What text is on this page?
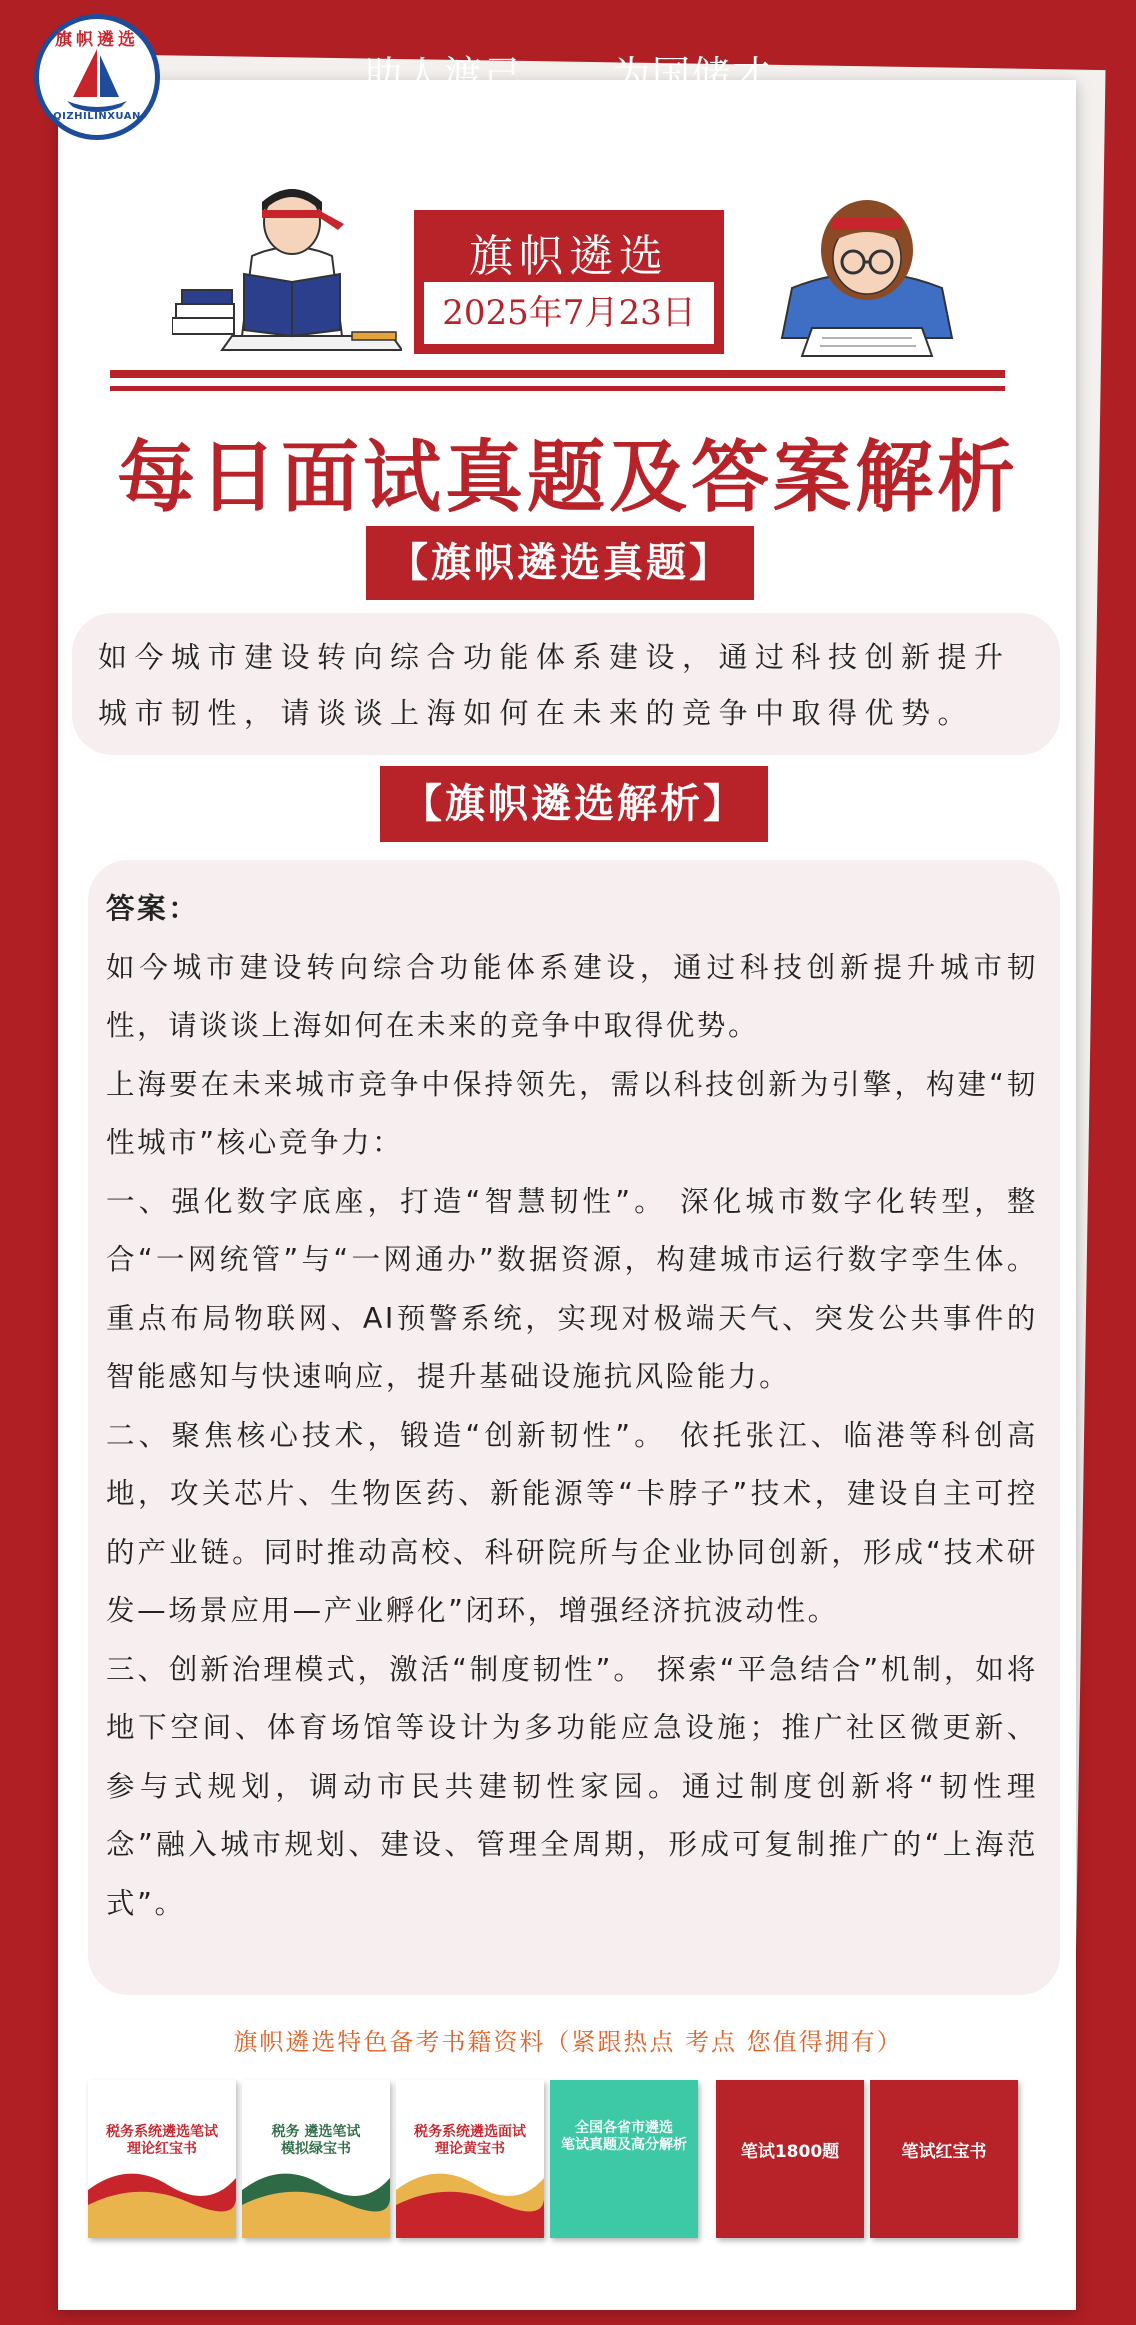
旗帜遴选
QIZHILINXUAN
助人渡己 为国储才
旗帜遴选
2025年7月23日
每日面试真题及答案解析
【旗帜遴选真题】

如今城市建设转向综合功能体系建设，通过科技创新提升城市韧性，请谈谈上海如何在未来的竞争中取得优势。

【旗帜遴选解析】

答案：

如今城市建设转向综合功能体系建设，通过科技创新提升城市韧性，请谈谈上海如何在未来的竞争中取得优势。

上海要在未来城市竞争中保持领先，需以科技创新为引擎，构建“韧性城市”核心竞争力：

一、强化数字底座，打造“智慧韧性”。 深化城市数字化转型，整合“一网统管”与“一网通办”数据资源，构建城市运行数字孪生体。重点布局物联网、AI预警系统，实现对极端天气、突发公共事件的智能感知与快速响应，提升基础设施抗风险能力。

二、聚焦核心技术，锻造“创新韧性”。 依托张江、临港等科创高地，攻关芯片、生物医药、新能源等“卡脖子”技术，建设自主可控的产业链。同时推动高校、科研院所与企业协同创新，形成“技术研发—场景应用—产业孵化”闭环，增强经济抗波动性。

三、创新治理模式，激活“制度韧性”。 探索“平急结合”机制，如将地下空间、体育场馆等设计为多功能应急设施；推广社区微更新、参与式规划，调动市民共建韧性家园。通过制度创新将“韧性理念”融入城市规划、建设、管理全周期，形成可复制推广的“上海范式”。

旗帜遴选特色备考书籍资料（紧跟热点 考点 您值得拥有）
税务系统遴选笔试
理论红宝书
税务 遴选笔试
模拟绿宝书
税务系统遴选面试
理论黄宝书
全国各省市遴选
笔试真题及高分解析	笔试1800题	笔试红宝书
